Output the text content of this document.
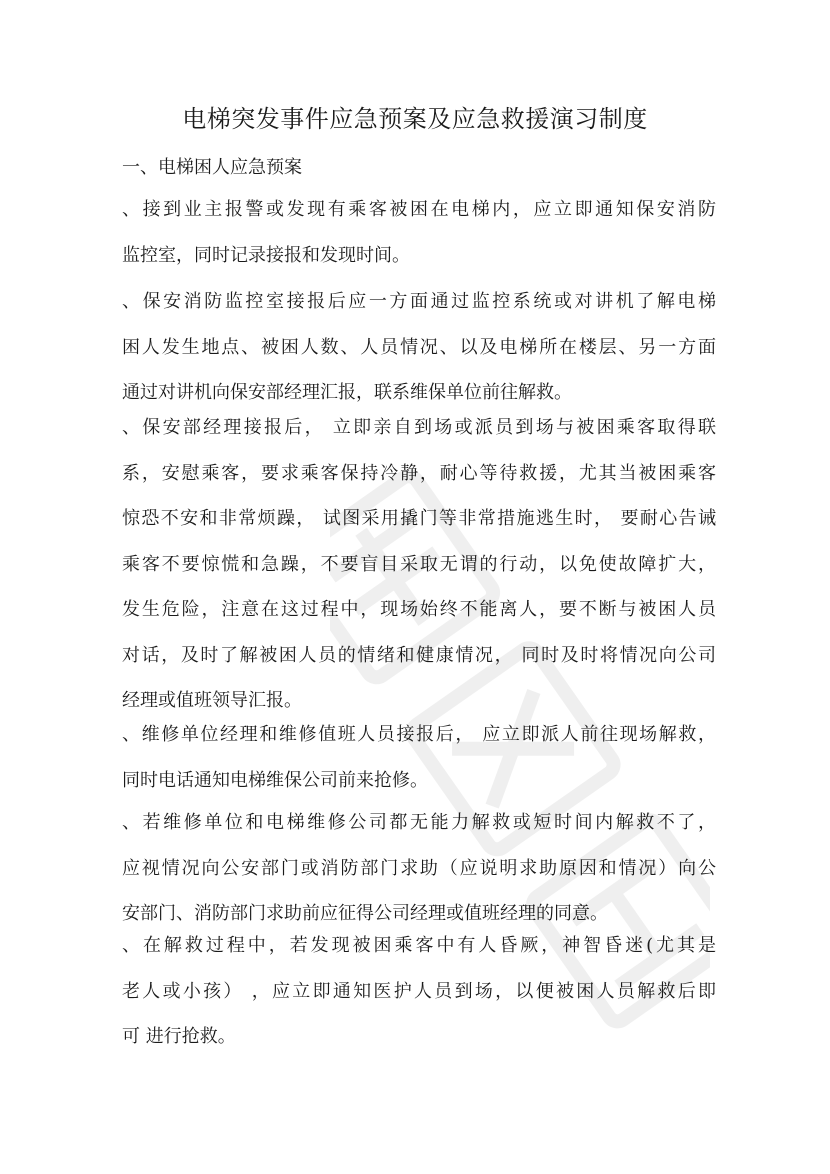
电梯突发事件应急预案及应急救援演习制度
一、电梯困人应急预案
、接到业主报警或发现有乘客被困在电梯内，应立即通知保安消防
监控室，同时记录接报和发现时间。
、保安消防监控室接报后应一方面通过监控系统或对讲机了解电梯
困人发生地点、被困人数、人员情况、以及电梯所在楼层、另一方面
通过对讲机向保安部经理汇报，联系维保单位前往解救。
、保安部经理接报后， 立即亲自到场或派员到场与被困乘客取得联
系，安慰乘客，要求乘客保持冷静，耐心等待救援，尤其当被困乘客
惊恐不安和非常烦躁， 试图采用撬门等非常措施逃生时， 要耐心告诫
乘客不要惊慌和急躁，不要盲目采取无谓的行动，以免使故障扩大，
发生危险，注意在这过程中，现场始终不能离人，要不断与被困人员
对话，及时了解被困人员的情绪和健康情况， 同时及时将情况向公司
经理或值班领导汇报。
、维修单位经理和维修值班人员接报后， 应立即派人前往现场解救，
同时电话通知电梯维保公司前来抢修。
、若维修单位和电梯维修公司都无能力解救或短时间内解救不了，
应视情况向公安部门或消防部门求助（应说明求助原因和情况）向公
安部门、消防部门求助前应征得公司经理或值班经理的同意。
、在解救过程中，若发现被困乘客中有人昏厥，神智昏迷(尤其是
老人或小孩） ，应立即通知医护人员到场，以便被困人员解救后即
可 进行抢救。
